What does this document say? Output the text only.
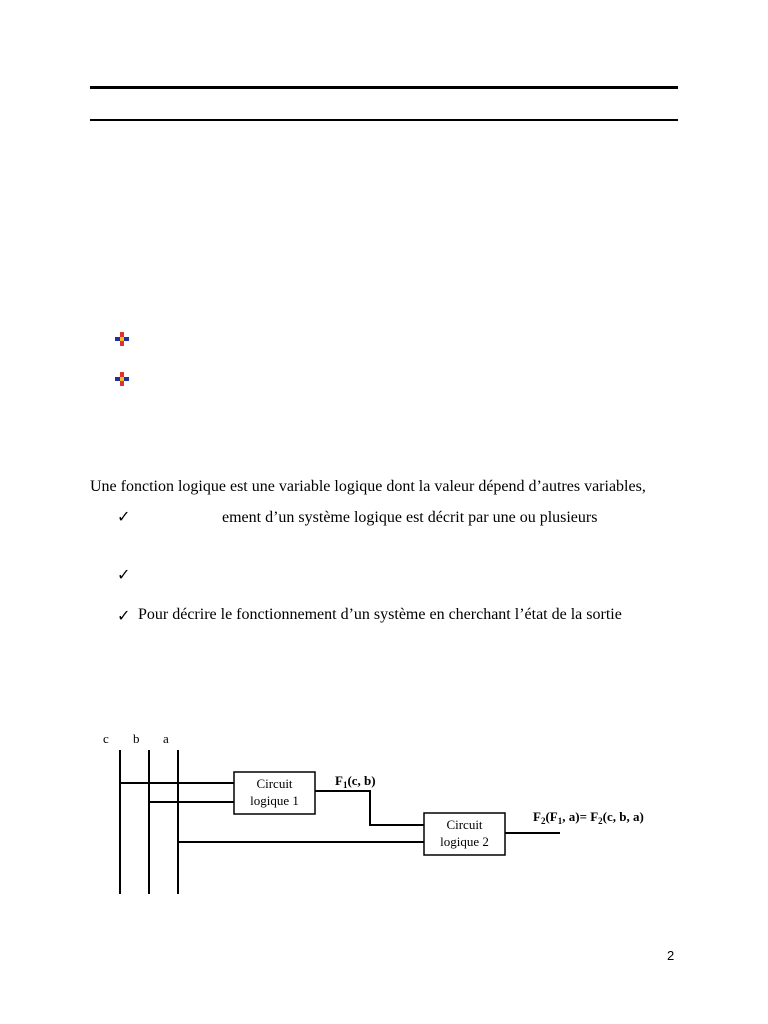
Une fonction logique est une variable logique dont la valeur dépend d’autres variables,
✓	ement d’un système logique est décrit par une ou plusieurs
✓
✓ Pour décrire le fonctionnement d’un système en cherchant l’état de la sortie
c b a
Circuit
logique 1
Circuit
logique 2
$F_1(c$, b)
$F_2(F_1$, $a)= F_2(c$, b, a)
2
